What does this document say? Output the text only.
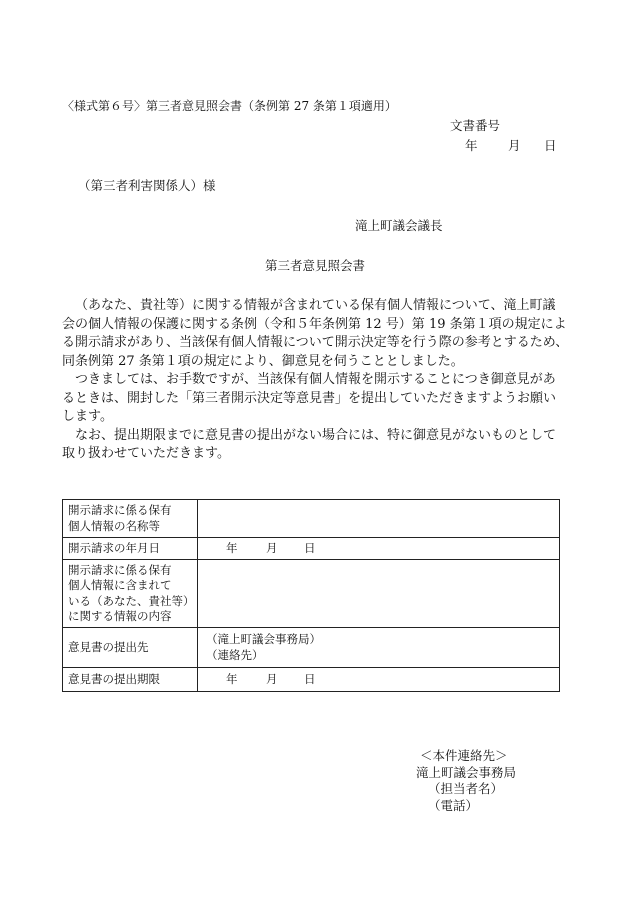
〈様式第６号〉第三者意見照会書（条例第 27 条第１項適用）
文書番号
年 月 日
（第三者利害関係人）様
滝上町議会議長
第三者意見照会書

（あなた、貴社等）に関する情報が含まれている保有個人情報について、滝上町議

会の個人情報の保護に関する条例（令和５年条例第 12 号）第 19 条第１項の規定によ

る開示請求があり、当該保有個人情報について開示決定等を行う際の参考とするため、

同条例第 27 条第１項の規定により、御意見を伺うこととしました。

つきましては、お手数ですが、当該保有個人情報を開示することにつき御意見があ

るときは、開封した「第三者開示決定等意見書」を提出していただきますようお願い

します。

なお、提出期限までに意見書の提出がない場合には、特に御意見がないものとして

取り扱わせていただきます。

開示請求に係る保有
個人情報の名称等	

開示請求の年月日	年 月 日

開示請求に係る保有
個人情報に含まれて
いる（あなた、貴社等）
に関する情報の内容	

意見書の提出先	（滝上町議会事務局）
（連絡先）

意見書の提出期限	年 月 日
＜本件連絡先＞
滝上町議会事務局
（担当者名）
（電話）
